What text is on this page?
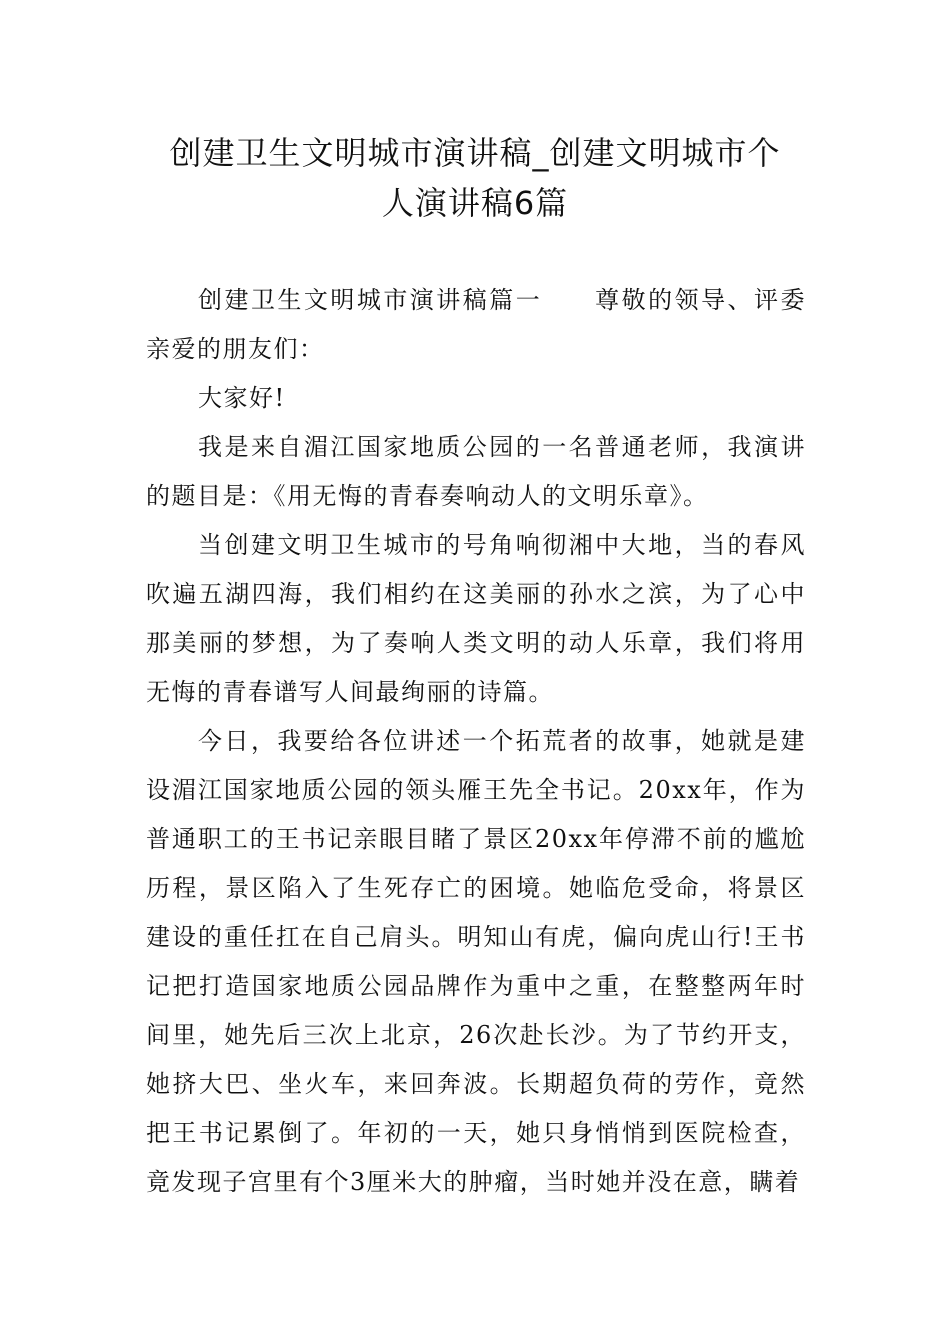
创建卫生文明城市演讲稿_创建文明城市个
人演讲稿6篇

创建卫生文明城市演讲稿篇一 尊敬的领导、评委亲爱的朋友们：

大家好!

我是来自湄江国家地质公园的一名普通老师，我演讲的题目是：《用无悔的青春奏响动人的文明乐章》。

当创建文明卫生城市的号角响彻湘中大地，当的春风吹遍五湖四海，我们相约在这美丽的孙水之滨，为了心中那美丽的梦想，为了奏响人类文明的动人乐章，我们将用无悔的青春谱写人间最绚丽的诗篇。

今日，我要给各位讲述一个拓荒者的故事，她就是建设湄江国家地质公园的领头雁王先全书记。20xx年，作为普通职工的王书记亲眼目睹了景区20xx年停滞不前的尴尬历程，景区陷入了生死存亡的困境。她临危受命，将景区建设的重任扛在自己肩头。明知山有虎，偏向虎山行!王书记把打造国家地质公园品牌作为重中之重，在整整两年时间里，她先后三次上北京，26次赴长沙。为了节约开支，她挤大巴、坐火车，来回奔波。长期超负荷的劳作，竟然把王书记累倒了。年初的一天，她只身悄悄到医院检查，竟发现子宫里有个3厘米大的肿瘤，当时她并没在意，瞒着
